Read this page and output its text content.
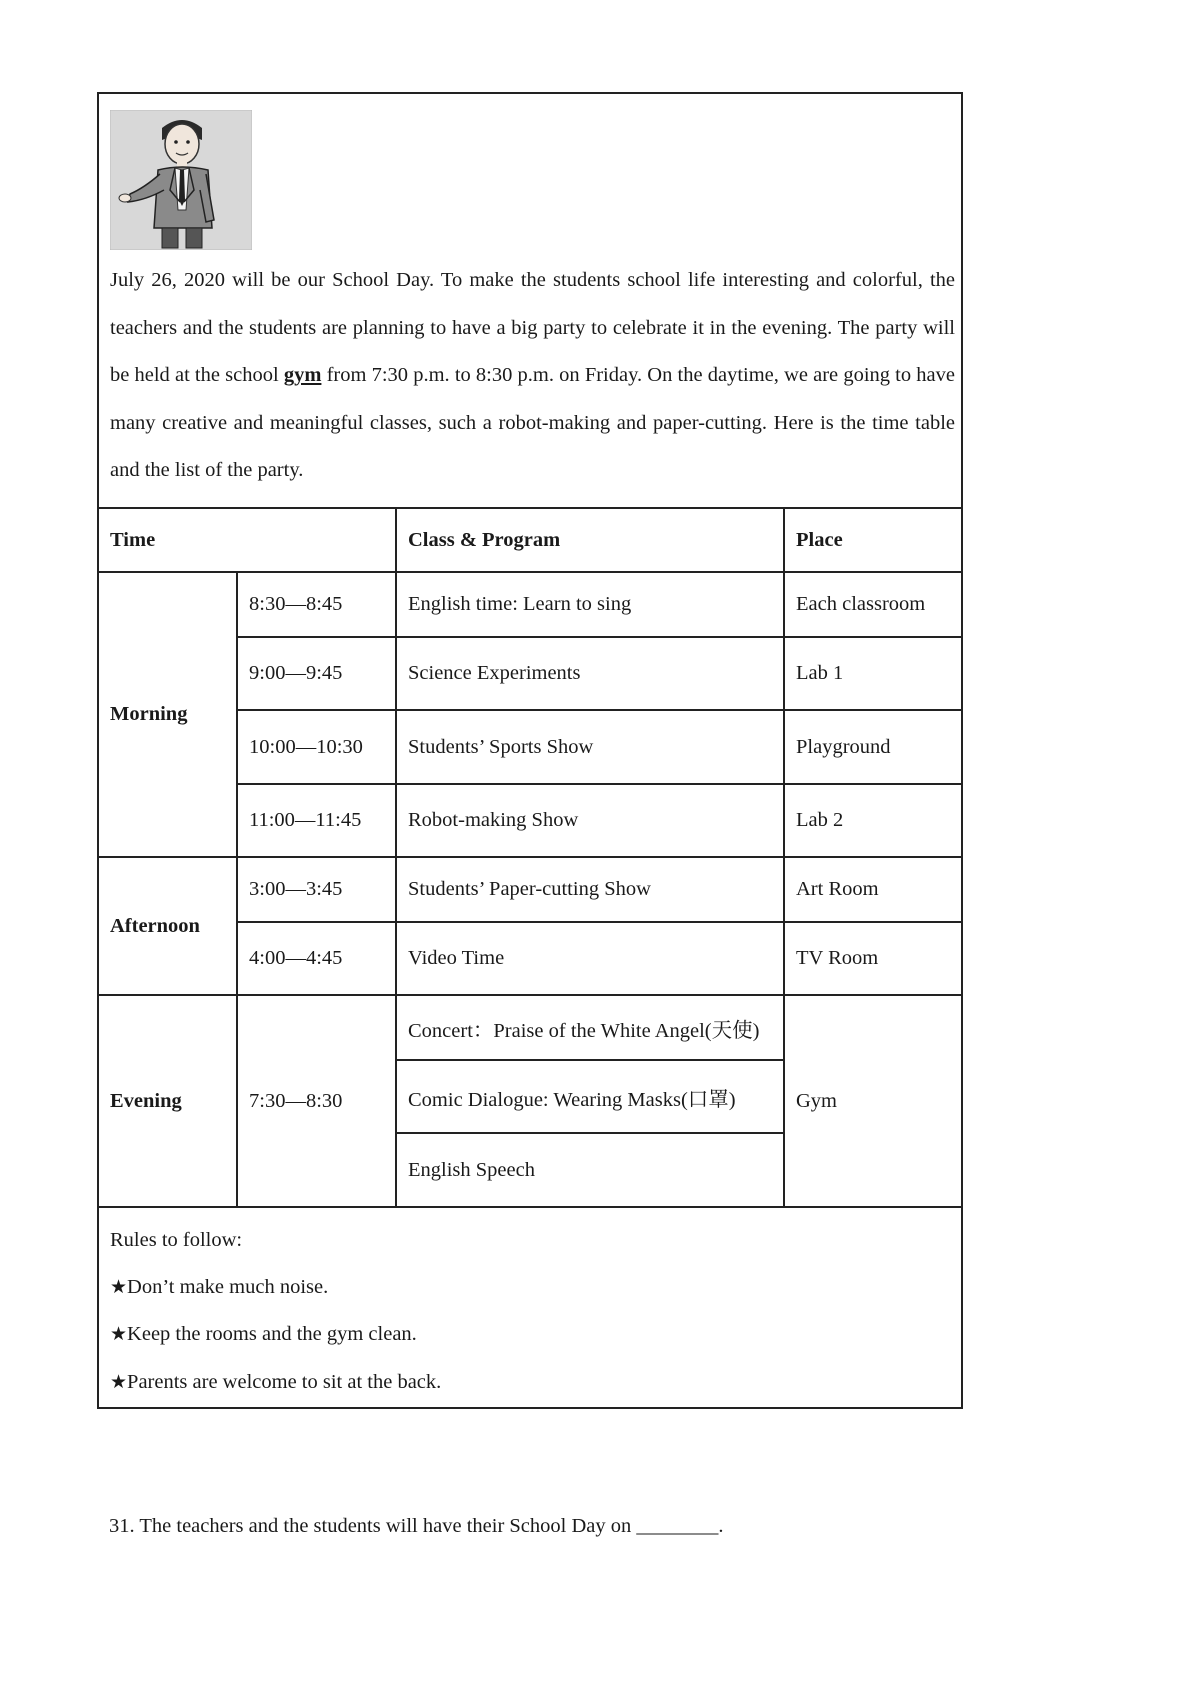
July 26, 2020 will be our School Day. To make the students school life interesting and colorful, the teachers and the students are planning to have a big party to celebrate it in the evening. The party will be held at the school gym from 7:30 p.m. to 8:30 p.m. on Friday. On the daytime, we are going to have many creative and meaningful classes, such a robot-making and paper-cutting. Here is the time table and the list of the party.
Time		Class & Program	Place
Morning	8:30—8:45	English time: Learn to sing	Each classroom
	9:00—9:45	Science Experiments	Lab 1
	10:00—10:30	Students’ Sports Show	Playground
	11:00—11:45	Robot-making Show	Lab 2
Afternoon	3:00—3:45	Students’ Paper-cutting Show	Art Room
	4:00—4:45	Video Time	TV Room
Evening	7:30—8:30	Concert：Praise of the White Angel(天使)	Gym
		Comic Dialogue: Wearing Masks(口罩)	
		English Speech	
Rules to follow:
★Don’t make much noise.
★Keep the rooms and the gym clean.
★Parents are welcome to sit at the back.
31. The teachers and the students will have their School Day on ________.
